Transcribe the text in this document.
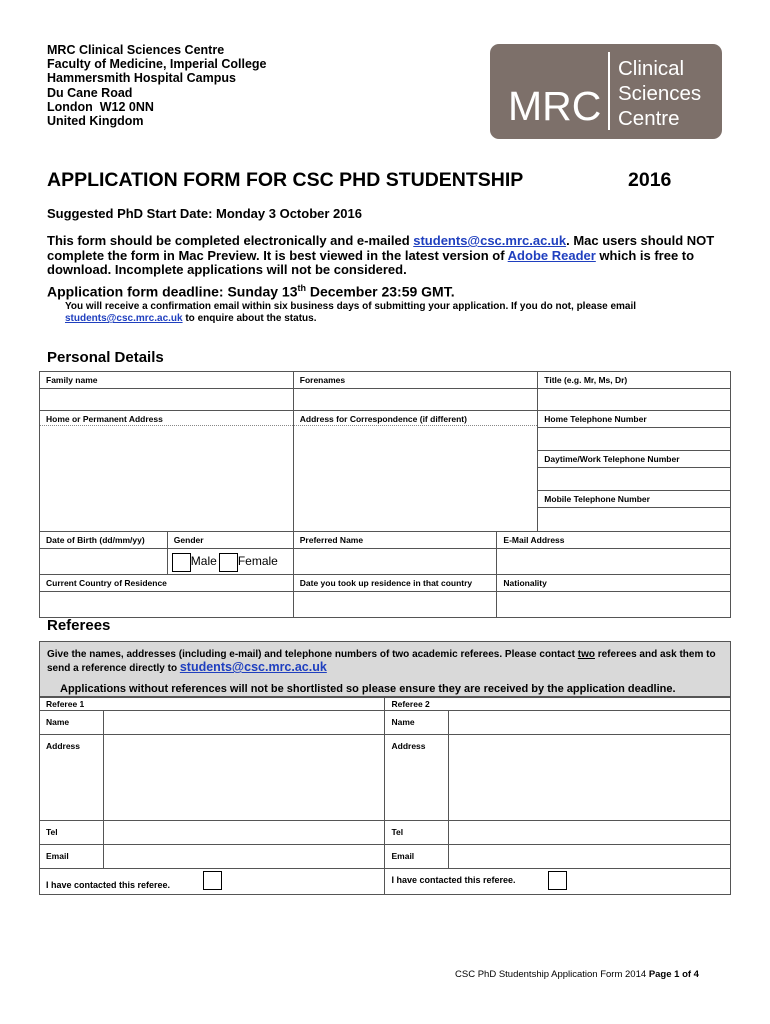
MRC Clinical Sciences Centre
Faculty of Medicine, Imperial College
Hammersmith Hospital Campus
Du Cane Road
London  W12 0NN
United Kingdom	MRC
Clinical
Sciences
Centre
APPLICATION FORM FOR CSC PHD STUDENTSHIP	2016
Suggested PhD Start Date: Monday 3 October 2016
This form should be completed electronically and e-mailed students@csc.mrc.ac.uk. Mac users should NOT complete the form in Mac Preview. It is best viewed in the latest version of Adobe Reader which is free to download. Incomplete applications will not be considered.
Application form deadline: Sunday 13th December 23:59 GMT.
You will receive a confirmation email within six business days of submitting your application. If you do not, please email students@csc.mrc.ac.uk to enquire about the status.
Personal Details
Family name		Forenames		Title (e.g. Mr, Ms, Dr)

Home or Permanent Address		Address for Correspondence (if different)		Home Telephone Number

				Daytime/Work Telephone Number

				Mobile Telephone Number

Date of Birth (dd/mm/yy)	Gender	Preferred Name	E-Mail Address	
	Male Female			
Current Country of Residence		Date you took up residence in that country	Nationality	

Referees
Give the names, addresses (including e-mail) and telephone numbers of two academic referees. Please contact two referees and ask them to send a reference directly to students@csc.mrc.ac.uk
Applications without references will not be shortlisted so please ensure they are received by the application deadline.
Referee 1		Referee 2	
Name		Name	
Address		Address	
Tel		Tel	
Email		Email	
I have contacted this referee.		I have contacted this referee.	
CSC PhD Studentship Application Form 2014 Page 1 of 4
